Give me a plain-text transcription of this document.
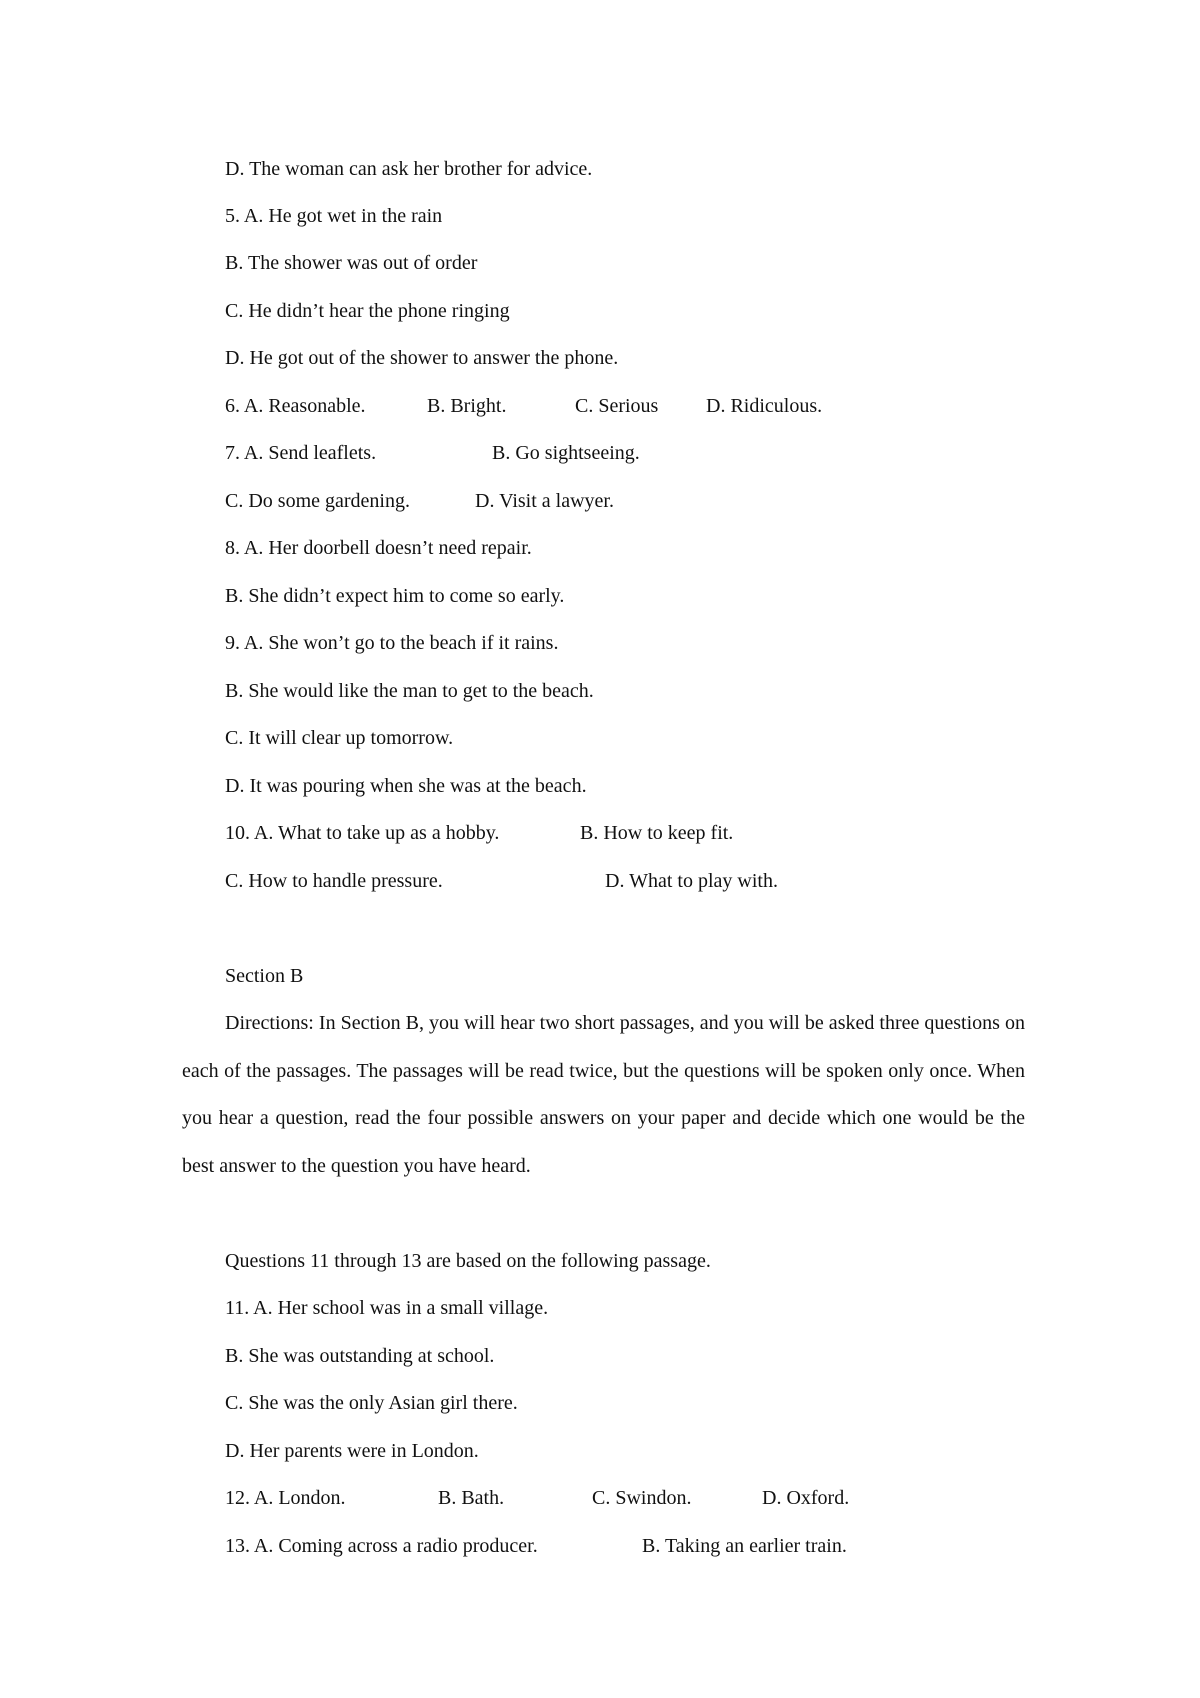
D. The woman can ask her brother for advice.
5. A. He got wet in the rain
B. The shower was out of order
C. He didn’t hear the phone ringing
D. He got out of the shower to answer the phone.
6. A. Reasonable.	B. Bright.	C. Serious D. Ridiculous.
7. A. Send leaflets.	B. Go sightseeing.
C. Do some gardening.	D. Visit a lawyer.
8. A. Her doorbell doesn’t need repair.
B. She didn’t expect him to come so early.
9. A. She won’t go to the beach if it rains.
B. She would like the man to get to the beach.
C. It will clear up tomorrow.
D. It was pouring when she was at the beach.
10. A. What to take up as a hobby.	B. How to keep fit.
C. How to handle pressure.	D. What to play with.
Section B
Directions: In Section B, you will hear two short passages, and you will be asked three questions on each of the passages. The passages will be read twice, but the questions will be spoken only once. When you hear a question, read the four possible answers on your paper and decide which one would be the best answer to the question you have heard.
Questions 11 through 13 are based on the following passage.
11. A. Her school was in a small village.
B. She was outstanding at school.
C. She was the only Asian girl there.
D. Her parents were in London.
12. A. London.	B. Bath.	C. Swindon.	D. Oxford.
13. A. Coming across a radio producer.	B. Taking an earlier train.
